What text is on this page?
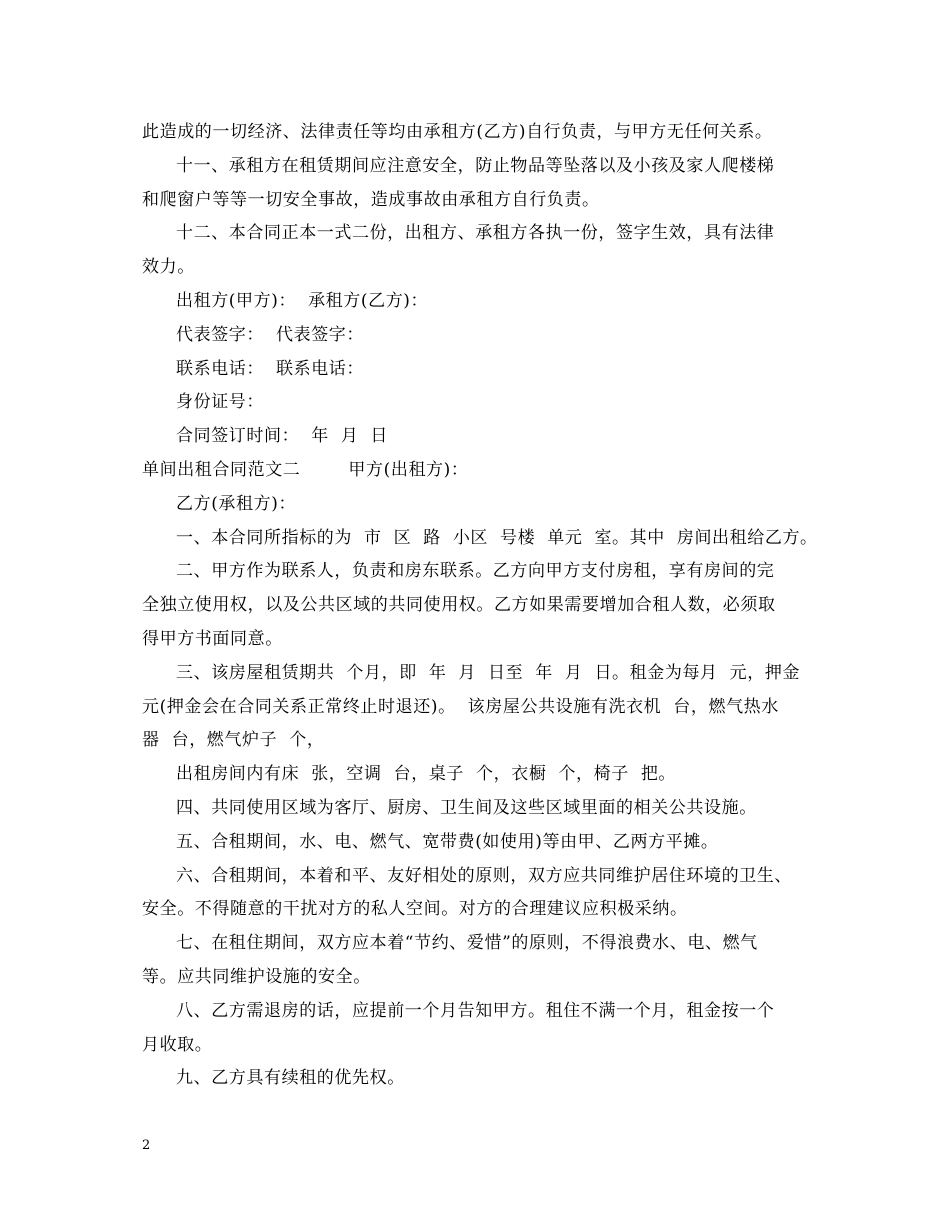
此造成的一切经济、法律责任等均由承租方(乙方)自行负责，与甲方无任何关系。
十一、承租方在租赁期间应注意安全，防止物品等坠落以及小孩及家人爬楼梯
和爬窗户等等一切安全事故，造成事故由承租方自行负责。
十二、本合同正本一式二份，出租方、承租方各执一份，签字生效，具有法律
效力。
出租方(甲方)：  承租方(乙方)：
代表签字：  代表签字：
联系电话：  联系电话：
身份证号：
合同签订时间：  年  月  日
单间出租合同范文二        甲方(出租方)：
乙方(承租方)：
一、本合同所指标的为  市  区  路  小区  号楼  单元  室。其中  房间出租给乙方。
二、甲方作为联系人，负责和房东联系。乙方向甲方支付房租，享有房间的完
全独立使用权，以及公共区域的共同使用权。乙方如果需要增加合租人数，必须取
得甲方书面同意。
三、该房屋租赁期共  个月，即  年  月  日至  年  月  日。租金为每月  元，押金
元(押金会在合同关系正常终止时退还)。  该房屋公共设施有洗衣机  台，燃气热水
器  台，燃气炉子  个，
出租房间内有床  张，空调  台，桌子  个，衣橱  个，椅子  把。
四、共同使用区域为客厅、厨房、卫生间及这些区域里面的相关公共设施。
五、合租期间，水、电、燃气、宽带费(如使用)等由甲、乙两方平摊。
六、合租期间，本着和平、友好相处的原则，双方应共同维护居住环境的卫生、
安全。不得随意的干扰对方的私人空间。对方的合理建议应积极采纳。
七、在租住期间，双方应本着“节约、爱惜”的原则，不得浪费水、电、燃气
等。应共同维护设施的安全。
八、乙方需退房的话，应提前一个月告知甲方。租住不满一个月，租金按一个
月收取。
九、乙方具有续租的优先权。
2
